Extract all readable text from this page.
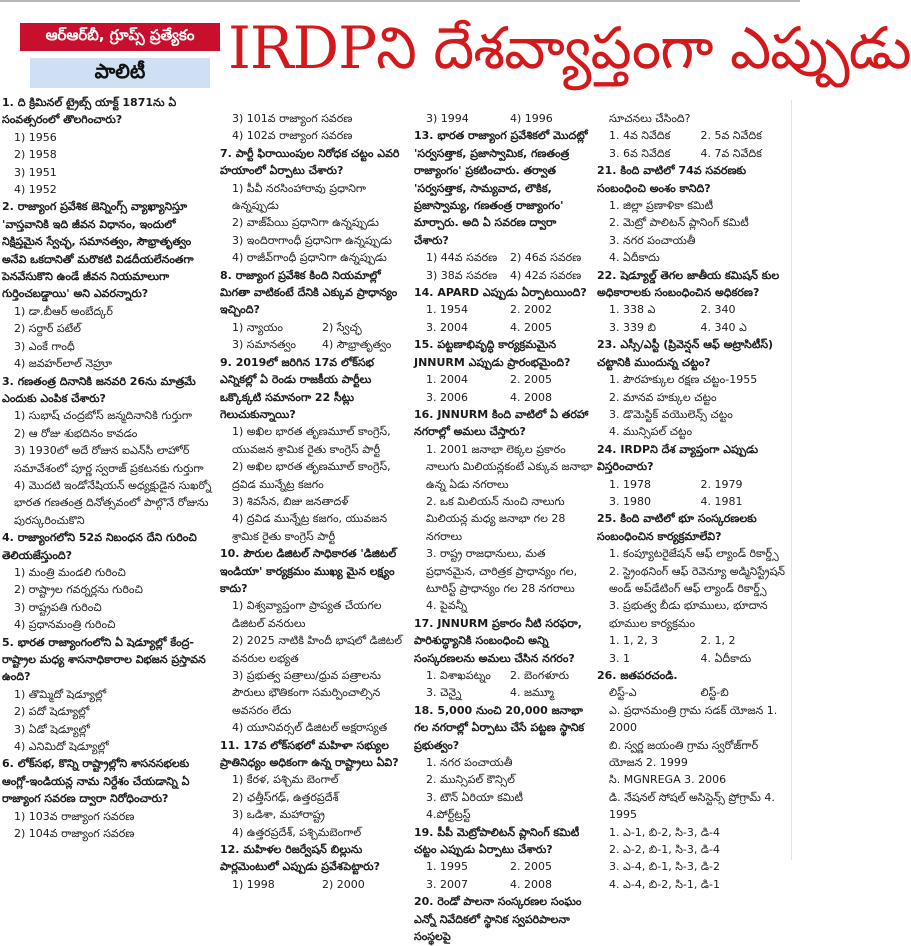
ఆర్ఆర్‌బీ, గ్రూప్స్ ప్రత్యేకం
పాలిటీ	IRDPని దేశవ్యాప్తంగా ఎప్పుడు
1. ది క్రిమినల్ ట్రైబ్స్ యాక్ట్ 1871ను ఏ సంవత్సరంలో తొలగించారు?
1) 1956
2) 1958
3) 1951
4) 1952
2. రాజ్యాంగ ప్రవేశిక జెన్నింగ్స్ వ్యాఖ్యానిస్తూ 'వాస్తవానికి ఇది జీవన విధానం, ఇందులో నిక్షిప్తమైన స్వేచ్ఛ, సమానత్వం, సౌభ్రాతృత్వం అనేవి ఒకదానితో మరొకటి విడదీయలేనంతగా పెనవేసుకొని ఉండే జీవన నియమాలుగా గుర్తించబడ్డాయి' అని ఎవరన్నారు?
1) డా.బీఆర్ అంబేద్కర్
2) సర్దార్ పటేల్
3) ఎంకే గాంధీ
4) జవహర్‌లాల్ నెహ్రూ
3. గణతంత్ర దినానికి జనవరి 26ను మాత్రమే ఎందుకు ఎంపిక చేశారు?
1) సుభాష్ చంద్రబోస్ జన్మదినానికి గుర్తుగా
2) ఆ రోజు శుభదినం కావడం
3) 1930లో అదే రోజున ఐఎన్‌సీ లాహోర్ సమావేశంలో పూర్ణ స్వరాజ్ ప్రకటనకు గుర్తుగా
4) మొదటి ఇండోనేషియన్ అధ్యక్షుడైన సుఖర్నో భారత గణతంత్ర దినోత్సవంలో పాల్గొనే రోజును పురస్కరించుకొని
4. రాజ్యాంగలోని 52వ నిబంధన దేని గురించి తెలియజేస్తుంది?
1) మంత్రి మండలి గురించి
2) రాష్ట్రాల గవర్నర్లను గురించి
3) రాష్ట్రపతి గురించి
4) ప్రధానమంత్రి గురించి
5. భారత రాజ్యాంగంలోని ఏ షెడ్యూల్లో కేంద్ర-రాష్ట్రాల మధ్య శాసనాధికారాల విభజన ప్రస్తావన ఉంది?
1) తొమ్మిదో షెడ్యూల్లో
2) పదో షెడ్యూల్లో
3) ఏడో షెడ్యూల్లో
4) ఎనిమిదో షెడ్యూల్లో
6. లోక్‌సభ, కొన్ని రాష్ట్రాల్లోని శాసనసభలకు ఆంగ్లో-ఇండియన్ల నామ నిర్దేశం చేయడాన్ని ఏ రాజ్యాంగ సవరణ ద్వారా నిరోధించారు?
1) 103వ రాజ్యాంగ సవరణ
2) 104వ రాజ్యాంగ సవరణ
3) 101వ రాజ్యాంగ సవరణ
4) 102వ రాజ్యాంగ సవరణ
7. పార్టీ ఫిరాయింపుల నిరోధక చట్టం ఎవరి హయాంలో ఏర్పాటు చేశారు?
1) పీవీ నరసింహారావు ప్రధానిగా ఉన్నప్పుడు
2) వాజ్‌పేయి ప్రధానిగా ఉన్నప్పుడు
3) ఇందిరాగాంధీ ప్రధానిగా ఉన్నప్పుడు
4) రాజీవ్‌గాంధీ ప్రధానిగా ఉన్నప్పుడు
8. రాజ్యాంగ ప్రవేశిక కింది నియమాల్లో మిగతా వాటికంటే దేనికి ఎక్కువ ప్రాధాన్యం ఇచ్చింది?
1) న్యాయం	2) స్వేచ్ఛ
3) సమానత్వం	4) సౌభ్రాతృత్వం
9. 2019లో జరిగిన 17వ లోక్‌సభ ఎన్నికల్లో ఏ రెండు రాజకీయ పార్టీలు ఒక్కొక్కటి సమానంగా 22 సీట్లు గెలుచుకున్నాయి?
1) అఖిల భారత తృణమూల్ కాంగ్రెస్, యువజన శ్రామిక రైతు కాంగ్రెస్ పార్టీ
2) అఖిల భారత తృణమూల్ కాంగ్రెస్, ద్రవిడ మున్నేట్ర కజగం
3) శివసేన, బిజు జనతాదళ్
4) ద్రవిడ మున్నేట్ర కజగం, యువజన శ్రామిక రైతు కాంగ్రెస్ పార్టీ
10. పౌరుల డిజిటల్ సాధికారత 'డిజిటల్ ఇండియా' కార్యక్రమం ముఖ్య మైన లక్ష్యం కాదు?
1) విశ్వవ్యాప్తంగా ప్రాప్యత చేయగల డిజిటల్ వనరులు
2) 2025 నాటికి హిందీ భాషలో డిజిటల్ వనరుల లభ్యత
3) ప్రభుత్వ పత్రాలు/ధ్రువ పత్రాలను పౌరులు భౌతికంగా సమర్పించాల్సిన అవసరం లేదు
4) యూనివర్సల్ డిజిటల్ అక్షరాస్యత
11. 17వ లోక్‌సభలో మహిళా సభ్యుల ప్రాతినిధ్యం అధికంగా ఉన్న రాష్ట్రాలు ఏవి?
1) కేరళ, పశ్చిమ బెంగాల్
2) ఛత్తీస్‌గఢ్, ఉత్తరప్రదేశ్
3) ఒడిశా, మహారాష్ట్ర
4) ఉత్తరప్రదేశ్, పశ్చిమబెంగాల్
12. మహిళల రిజర్వేషన్ బిల్లును పార్లమెంటులో ఎప్పుడు ప్రవేశపెట్టారు?
1) 1998	2) 2000
3) 1994	4) 1996
13. భారత రాజ్యాంగ ప్రవేశికలో మొదట్లో 'సర్వసత్తాక, ప్రజాస్వామిక, గణతంత్ర రాజ్యాంగం' ప్రకటించారు. తర్వాత 'సర్వసత్తాక, సామ్యవాద, లౌకిక, ప్రజాస్వామ్య, గణతంత్ర రాజ్యాంగం' మార్చారు. అది ఏ సవరణ ద్వారా చేశారు?
1) 44వ సవరణ	2) 46వ సవరణ
3) 38వ సవరణ	4) 42వ సవరణ
14. APARD ఎప్పుడు ఏర్పాటయింది?
1. 1954	2. 2002
3. 2004	4. 2005
15. పట్టణాభివృద్ధి కార్యక్రమమైన JNNURM ఎప్పుడు ప్రారంభమైంది?
1. 2004	2. 2005
3. 2006	4. 2008
16. JNNURM కింది వాటిలో ఏ తరహా నగరాల్లో అమలు చేస్తారు?
1. 2001 జనాభా లెక్కల ప్రకారం నాలుగు మిలియన్లకంటే ఎక్కువ జనాభా ఉన్న ఏడు నగరాలు
2. ఒక మిలియన్ నుంచి నాలుగు మిలియన్ల మధ్య జనాభా గల 28 నగరాలు
3. రాష్ట్ర రాజధానులు, మత ప్రధానమైన, చారిత్రక ప్రాధాన్యం గల, టూరిస్ట్ ప్రాధాన్యం గల 28 నగరాలు
4. పైవన్నీ
17. JNNURM ప్రకారం నీటి సరఫరా, పారిశుద్ధ్యానికి సంబంధించి అన్ని సంస్కరణలను అమలు చేసిన నగరం?
1. విశాఖపట్నం	2. బెంగళూరు
3. చెన్నై	4. జమ్మూ
18. 5,000 నుంచి 20,000 జనాభా గల నగరాల్లో ఏర్పాటు చేసే పట్టణ స్థానిక ప్రభుత్వం?
1. నగర పంచాయతీ
2. మున్సిపల్ కౌన్సిల్
3. టౌన్ ఏరియా కమిటీ
4.పోర్ట్‌ట్రస్ట్
19. పీపీ మెట్రోపాలిటన్ ప్లానింగ్ కమిటీ చట్టం ఎప్పుడు ఏర్పాటు చేశారు?
1. 1995	2. 2005
3. 2007	4. 2008
20. రెండో పాలనా సంస్కరణల సంఘం ఎన్నో నివేదికలో స్థానిక స్వపరిపాలనా సంస్థలపై
సూచనలు చేసింది?
1. 4వ నివేదిక	2. 5వ నివేదిక
3. 6వ నివేదిక	4. 7వ నివేదిక
21. కింది వాటిలో 74వ సవరణకు సంబంధించి అంశం కానిది?
1. జిల్లా ప్రణాళికా కమిటీ
2. మెట్రో పాలిటన్ ప్లానింగ్ కమిటీ
3. నగర పంచాయతీ
4. ఏదీకాదు
22. షెడ్యూల్డ్ తెగల జాతీయ కమిషన్ కుల అధికారాలకు సంబంధించిన అధికరణ?
1. 338 ఎ	2. 340
3. 339 బి	4. 340 ఎ
23. ఎస్సీ/ఎస్టీ (ప్రివెన్షన్ ఆఫ్ అట్రాసిటీస్) చట్టానికి ముందున్న చట్టం?
1. పౌరహక్కుల రక్షణ చట్టం-1955
2. మానవ హక్కుల చట్టం
3. డొమెస్టిక్ వయొలెన్స్ చట్టం
4. మున్సిపల్ చట్టం
24. IRDPని దేశ వ్యాప్తంగా ఎప్పుడు విస్తరించారు?
1. 1978	2. 1979
3. 1980	4. 1981
25. కింది వాటిలో భూ సంస్కరణలకు సంబంధించిన కార్యక్రమాలేవి?
1. కంప్యూటరైజేషన్ ఆఫ్ ల్యాండ్ రికార్డ్స్
2. స్ట్రెంథనింగ్ ఆఫ్ రెవెన్యూ అడ్మినిస్ట్రేషన్ అండ్ అప్‌డేటింగ్ ఆఫ్ ల్యాండ్ రికార్డ్స్
3. ప్రభుత్వ బీడు భూములు, భూదాన భూముల కార్యక్రమం
1. 1, 2, 3	2. 1, 2
3. 1	4. ఏదీకాదు
26. జతపరచండి.
లిస్ట్-ఎ	లిస్ట్-బి
ఎ. ప్రధానమంత్రి గ్రామ సడక్ యోజన 1. 2000
బి. స్వర్ణ జయంతి గ్రామ స్వరోజ్‌గార్ యోజన 2. 1999
సి. MGNREGA 3. 2006
డి. నేషనల్ సోషల్ అసిస్టెన్స్ ప్రోగ్రామ్ 4. 1995
1. ఎ-1, బి-2, సి-3, డి-4
2. ఎ-2, బి-1, సి-3, డి-4
3. ఎ-4, బి-1, సి-3, డి-2
4. ఎ-4, బి-2, సి-1, డి-1
